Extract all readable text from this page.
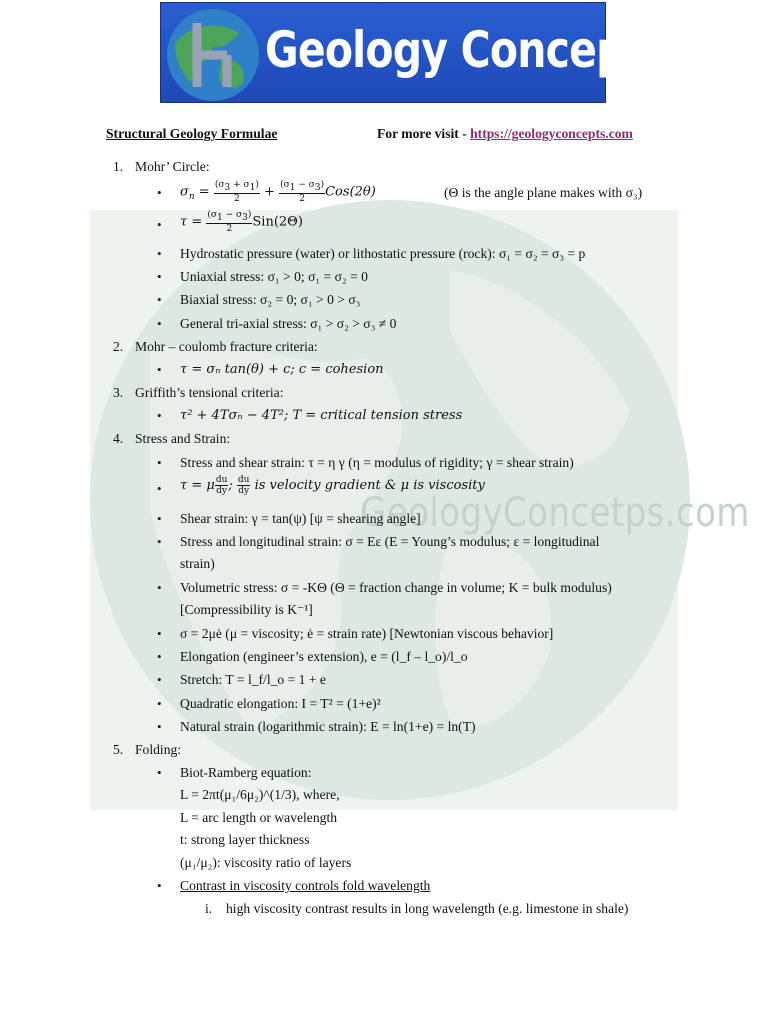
GeologyConcetps.com
Geology Concepts
Structural Geology Formulae	For more visit - https://geologyconcepts.com
1. Mohr’ Circle:
• $\sigma_n = \frac{(\sigma_3 + \sigma_1)}{2} + \frac{(\sigma_1 - \sigma_3)}{2} Cos(2\theta)$	(Θ is the angle plane makes with σ₃)
• $\tau = \frac{(\sigma_1 - \sigma_3)}{2} Sin(2\Theta)$
• Hydrostatic pressure (water) or lithostatic pressure (rock): σ₁ = σ₂ = σ₃ = p
• Uniaxial stress: σ₁ > 0; σ₁ = σ₂ = 0
• Biaxial stress: σ₂ = 0; σ₁ > 0 > σ₃
• General tri-axial stress: σ₁ > σ₂ > σ₃ ≠ 0
2. Mohr – coulomb fracture criteria:
• τ = σₙ tan(θ) + c; c = cohesion
3. Griffith’s tensional criteria:
• τ² + 4Tσₙ − 4T²; T = critical tension stress
4. Stress and Strain:
• Stress and shear strain: τ = η γ (η = modulus of rigidity; γ = shear strain)
• τ = μ $\frac{du}{dy}$ ; $\frac{du}{dy}$ is velocity gradient & μ is viscosity
• Shear strain: γ = tan(ψ) [ψ = shearing angle]
• Stress and longitudinal strain: σ = Eε (E = Young’s modulus; ε = longitudinal
strain)
• Volumetric stress: σ = -KΘ (Θ = fraction change in volume; K = bulk modulus)
[Compressibility is K⁻¹]
• σ = 2μė (μ = viscosity; ė = strain rate) [Newtonian viscous behavior]
• Elongation (engineer’s extension), e = (l_f – l_o)/l_o
• Stretch: T = l_f/l_o = 1 + e
• Quadratic elongation: I = T² = (1+e)²
• Natural strain (logarithmic strain): E = ln(1+e) = ln(T)
5. Folding:
• Biot-Ramberg equation:
L = 2πt(μ₁/6μ₂)^(1/3), where,
L = arc length or wavelength
t: strong layer thickness
(μ₁/μ₂): viscosity ratio of layers
• Contrast in viscosity controls fold wavelength
i. high viscosity contrast results in long wavelength (e.g. limestone in shale)
